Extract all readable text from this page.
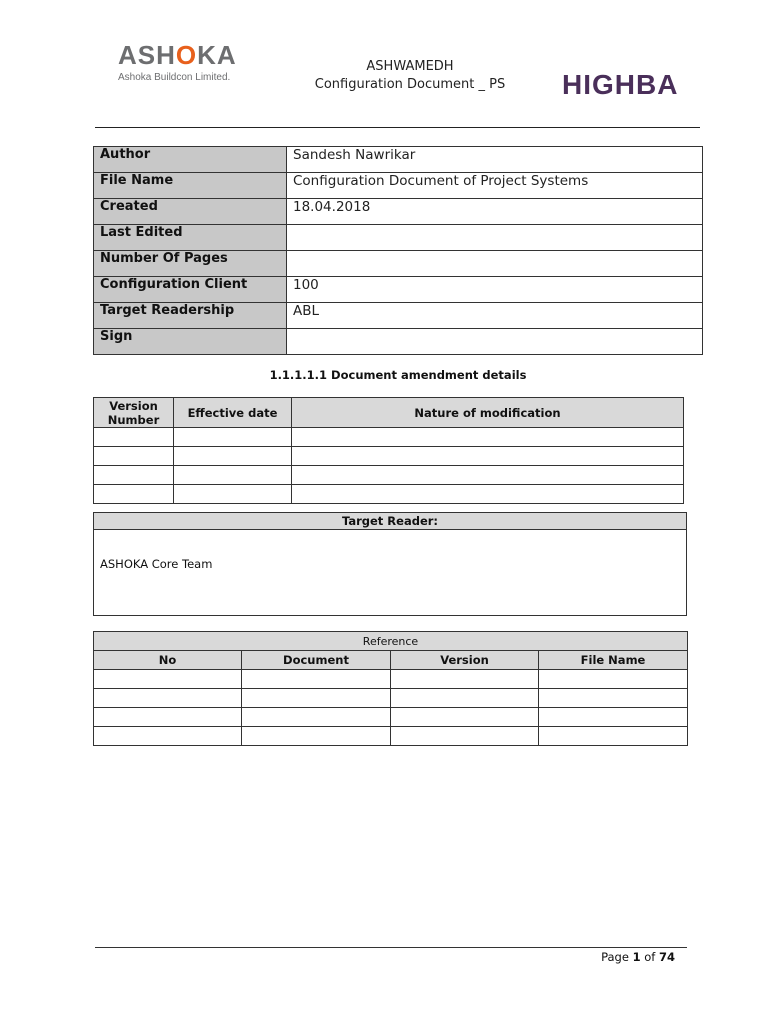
ASHOKA
Ashoka Buildcon Limited.
ASHWAMEDH
Configuration Document _ PS	HIGHBA
Author	Sandesh Nawrikar
File Name	Configuration Document of Project Systems
Created	18.04.2018
Last Edited	
Number Of Pages	
Configuration Client	100
Target Readership	ABL
Sign	
1.1.1.1.1 Document amendment details
Version Number	Effective date	Nature of modification

Target Reader:
ASHOKA Core Team
Reference			
No	Document	Version	File Name

Page 1 of 74
